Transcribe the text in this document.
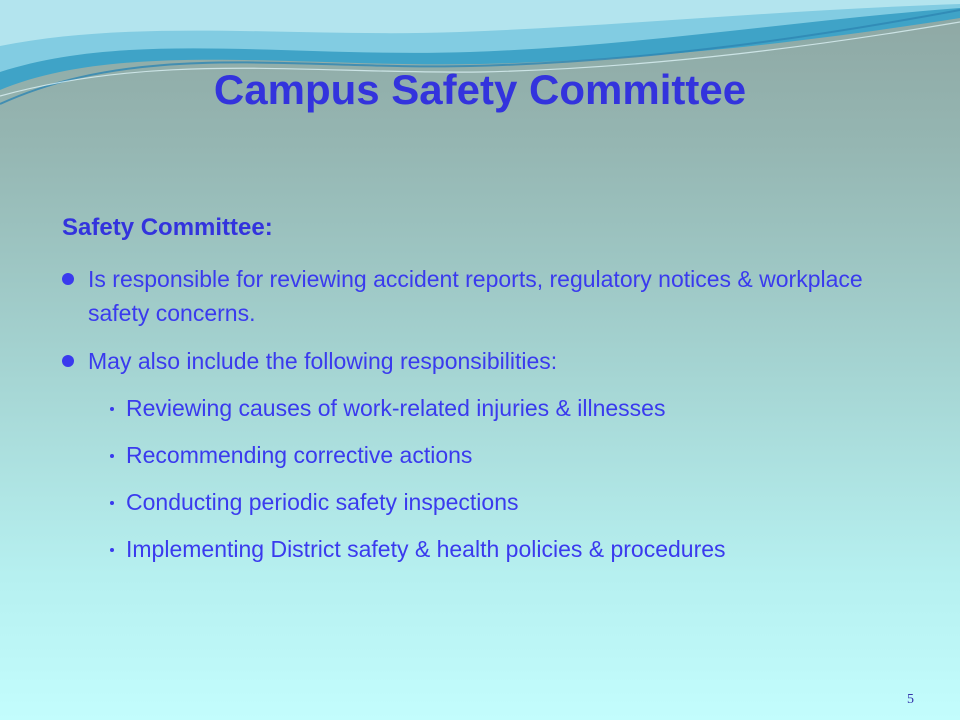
Campus Safety Committee
Safety Committee:
Is responsible for reviewing accident reports, regulatory notices & workplace safety concerns.
May also include the following responsibilities:
Reviewing causes of work-related injuries & illnesses
Recommending corrective actions
Conducting periodic safety inspections
Implementing District safety & health policies & procedures
5
